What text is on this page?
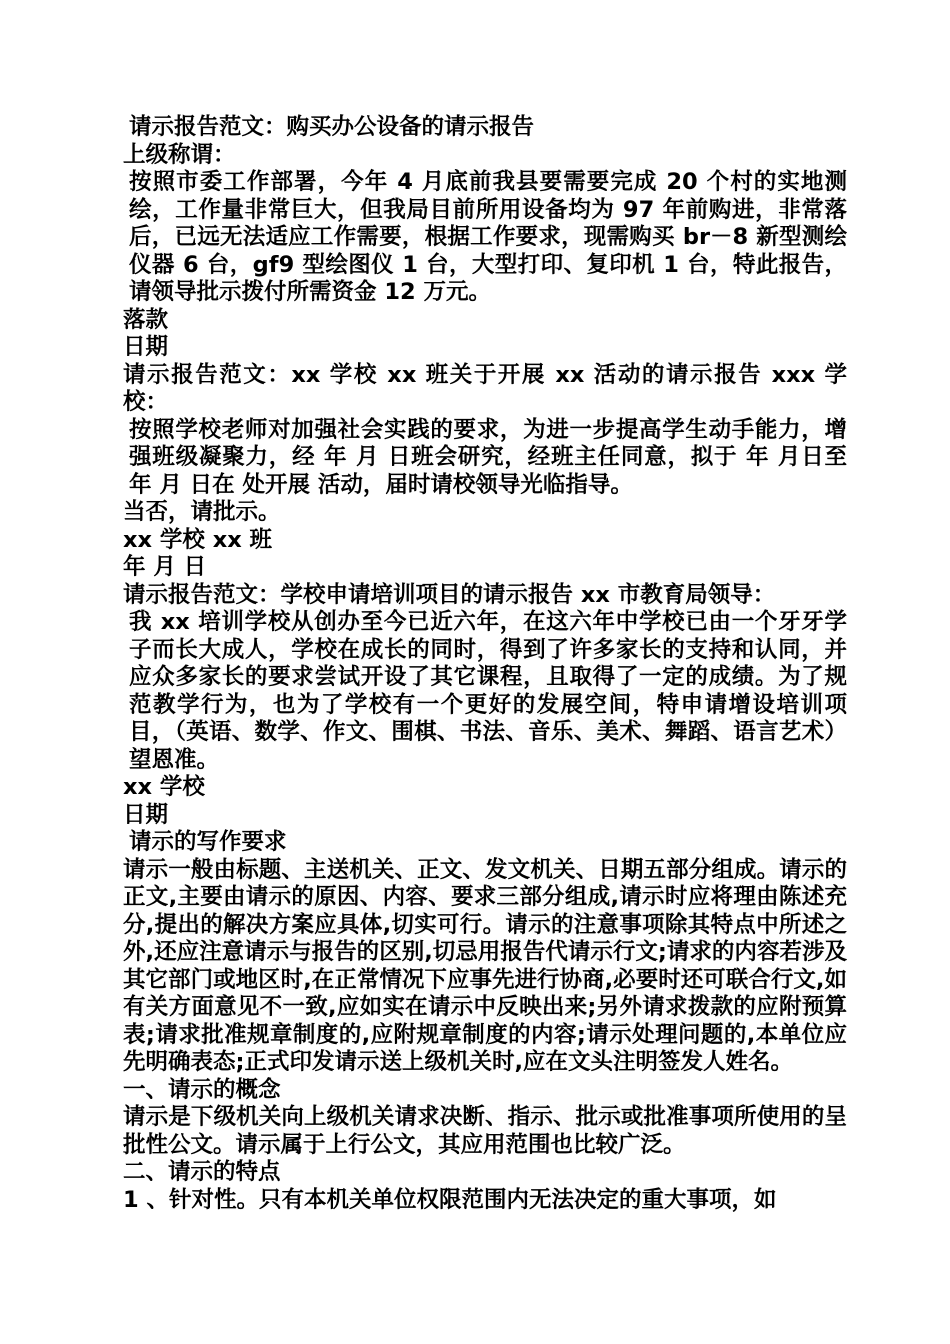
请示报告范文：购买办公设备的请示报告

上级称谓：

按照市委工作部署，今年 4 月底前我县要需要完成 20 个村的实地测绘，工作量非常巨大，但我局目前所用设备均为 97 年前购进，非常落后，已远无法适应工作需要，根据工作要求，现需购买 br－8 新型测绘仪器 6 台，gf9 型绘图仪 1 台，大型打印、复印机 1 台，特此报告，请领导批示拨付所需资金 12 万元。

落款

日期

请示报告范文：xx 学校 xx 班关于开展 xx 活动的请示报告 xxx 学校：

按照学校老师对加强社会实践的要求，为进一步提高学生动手能力，增强班级凝聚力，经 年 月 日班会研究，经班主任同意，拟于 年 月日至 年 月 日在 处开展 活动，届时请校领导光临指导。

当否，请批示。

xx 学校 xx 班

年 月 日

请示报告范文：学校申请培训项目的请示报告 xx 市教育局领导：

我 xx 培训学校从创办至今已近六年，在这六年中学校已由一个牙牙学子而长大成人，学校在成长的同时，得到了许多家长的支持和认同，并应众多家长的要求尝试开设了其它课程，且取得了一定的成绩。为了规范教学行为，也为了学校有一个更好的发展空间，特申请增设培训项目，（英语、数学、作文、围棋、书法、音乐、美术、舞蹈、语言艺术）望恩准。

xx 学校

日期

请示的写作要求

请示一般由标题、主送机关、正文、发文机关、日期五部分组成。请示的正文,主要由请示的原因、内容、要求三部分组成,请示时应将理由陈述充分,提出的解决方案应具体,切实可行。请示的注意事项除其特点中所述之外,还应注意请示与报告的区别,切忌用报告代请示行文;请求的内容若涉及其它部门或地区时,在正常情况下应事先进行协商,必要时还可联合行文,如有关方面意见不一致,应如实在请示中反映出来;另外请求拨款的应附预算表;请求批准规章制度的,应附规章制度的内容;请示处理问题的,本单位应先明确表态;正式印发请示送上级机关时,应在文头注明签发人姓名。

一、请示的概念

请示是下级机关向上级机关请求决断、指示、批示或批准事项所使用的呈批性公文。请示属于上行公文，其应用范围也比较广泛。

二、请示的特点

1 、针对性。只有本机关单位权限范围内无法决定的重大事项，如
